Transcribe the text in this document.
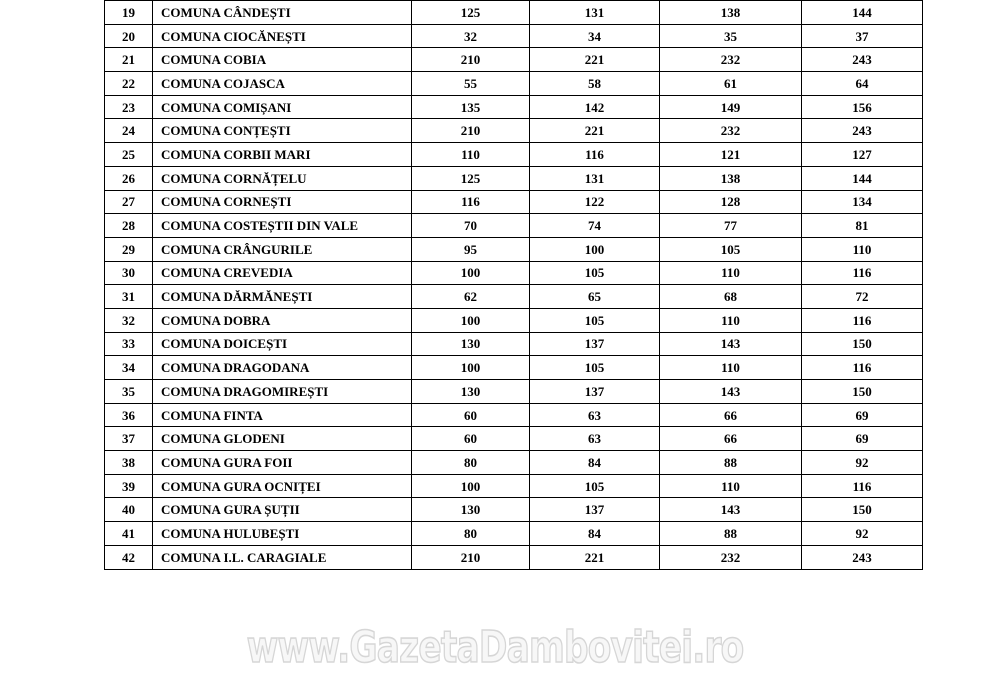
19	COMUNA CÂNDEȘTI	125	131	138	144
20	COMUNA CIOCĂNEȘTI	32	34	35	37
21	COMUNA COBIA	210	221	232	243
22	COMUNA COJASCA	55	58	61	64
23	COMUNA COMIȘANI	135	142	149	156
24	COMUNA CONȚEȘTI	210	221	232	243
25	COMUNA CORBII MARI	110	116	121	127
26	COMUNA CORNĂȚELU	125	131	138	144
27	COMUNA CORNEȘTI	116	122	128	134
28	COMUNA COSTEȘTII DIN VALE	70	74	77	81
29	COMUNA CRÂNGURILE	95	100	105	110
30	COMUNA CREVEDIA	100	105	110	116
31	COMUNA DĂRMĂNEȘTI	62	65	68	72
32	COMUNA DOBRA	100	105	110	116
33	COMUNA DOICEȘTI	130	137	143	150
34	COMUNA DRAGODANA	100	105	110	116
35	COMUNA DRAGOMIREȘTI	130	137	143	150
36	COMUNA FINTA	60	63	66	69
37	COMUNA GLODENI	60	63	66	69
38	COMUNA GURA FOII	80	84	88	92
39	COMUNA GURA OCNIȚEI	100	105	110	116
40	COMUNA GURA ȘUȚII	130	137	143	150
41	COMUNA HULUBEȘTI	80	84	88	92
42	COMUNA I.L. CARAGIALE	210	221	232	243
www.GazetaDambovitei.ro
